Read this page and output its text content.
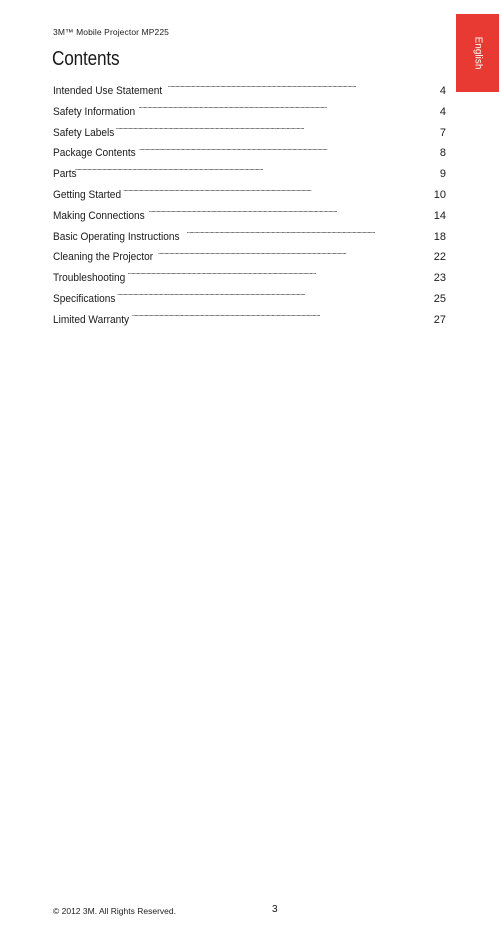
3M™ Mobile Projector MP225
English
Contents
Intended Use Statement . . .	4
Safety Information . . .	4
Safety Labels . . .	7
Package Contents . . .	8
Parts . . .	9
Getting Started . . .	10
Making Connections . . .	14
Basic Operating Instructions . . .	18
Cleaning the Projector . . .	22
Troubleshooting . . .	23
Specifications . . .	25
Limited Warranty . . .	27
© 2012 3M. All Rights Reserved.	3
